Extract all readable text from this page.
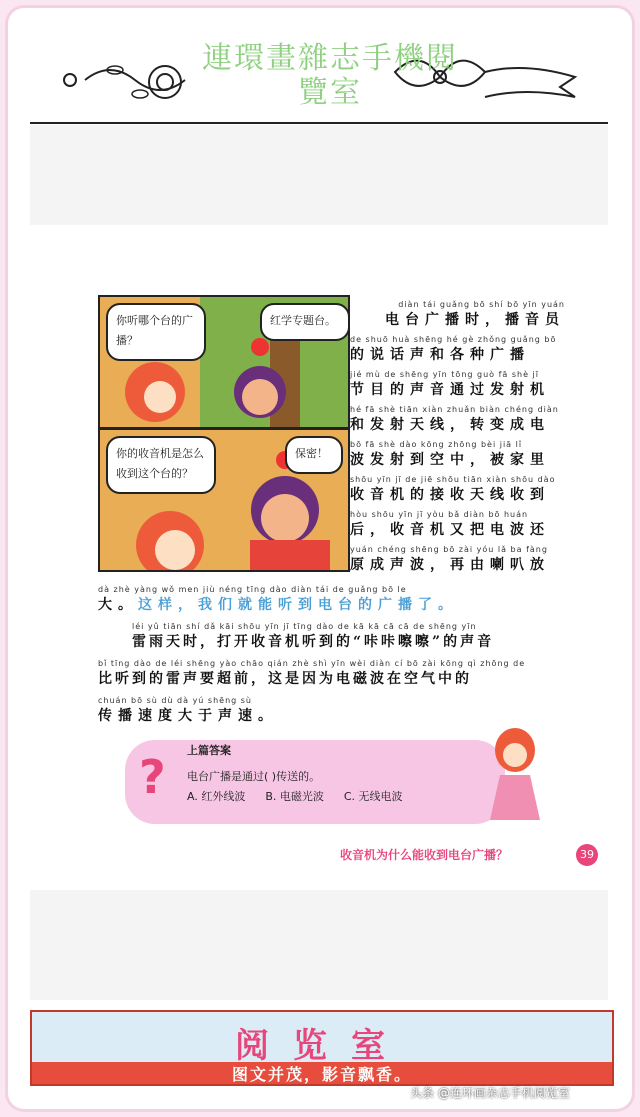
連環畫雜志手機閱
覽室
你听哪个台的广播？
红学专题台。
你的收音机是怎么收到这个台的？
保密！
diàn tái guǎng bō shí bō yīn yuán
电台广播时，播音员
de shuō huà shēng hé gè zhǒng guǎng bō
的说话声和各种广播
jié mù de shēng yīn tōng guò fā shè jī
节目的声音通过发射机
hé fā shè tiān xiàn zhuǎn biàn chéng diàn
和发射天线，转变成电
bō fā shè dào kōng zhōng bèi jiā lǐ
波发射到空中，被家里
shōu yīn jī de jiē shōu tiān xiàn shōu dào
收音机的接收天线收到
hòu shōu yīn jī yòu bǎ diàn bō huán
后，收音机又把电波还
yuán chéng shēng bō zài yóu lǎ ba fàng
原成声波，再由喇叭放
dà zhè yàng wǒ men jiù néng tīng dào diàn tái de guǎng bō le
大。这样，我们就能听到电台的广播了。
léi yǔ tiān shí dǎ kāi shōu yīn jī tīng dào de kā kā cā cā de shēng yīn
雷雨天时，打开收音机听到的“咔咔嚓嚓”的声音
bǐ tīng dào de léi shēng yào chāo qián zhè shì yīn wèi diàn cí bō zài kōng qì zhōng de
比听到的雷声要超前，这是因为电磁波在空气中的
chuán bō sù dù dà yú shēng sù
传播速度大于声速。
? 上篇答案
电台广播是通过( )传送的。
A. 红外线波 B. 电磁光波 C. 无线电波
收音机为什么能收到电台广播？	39
阅览室
图文并茂，影音飘香。
头条 @连环画杂志手机阅览室
